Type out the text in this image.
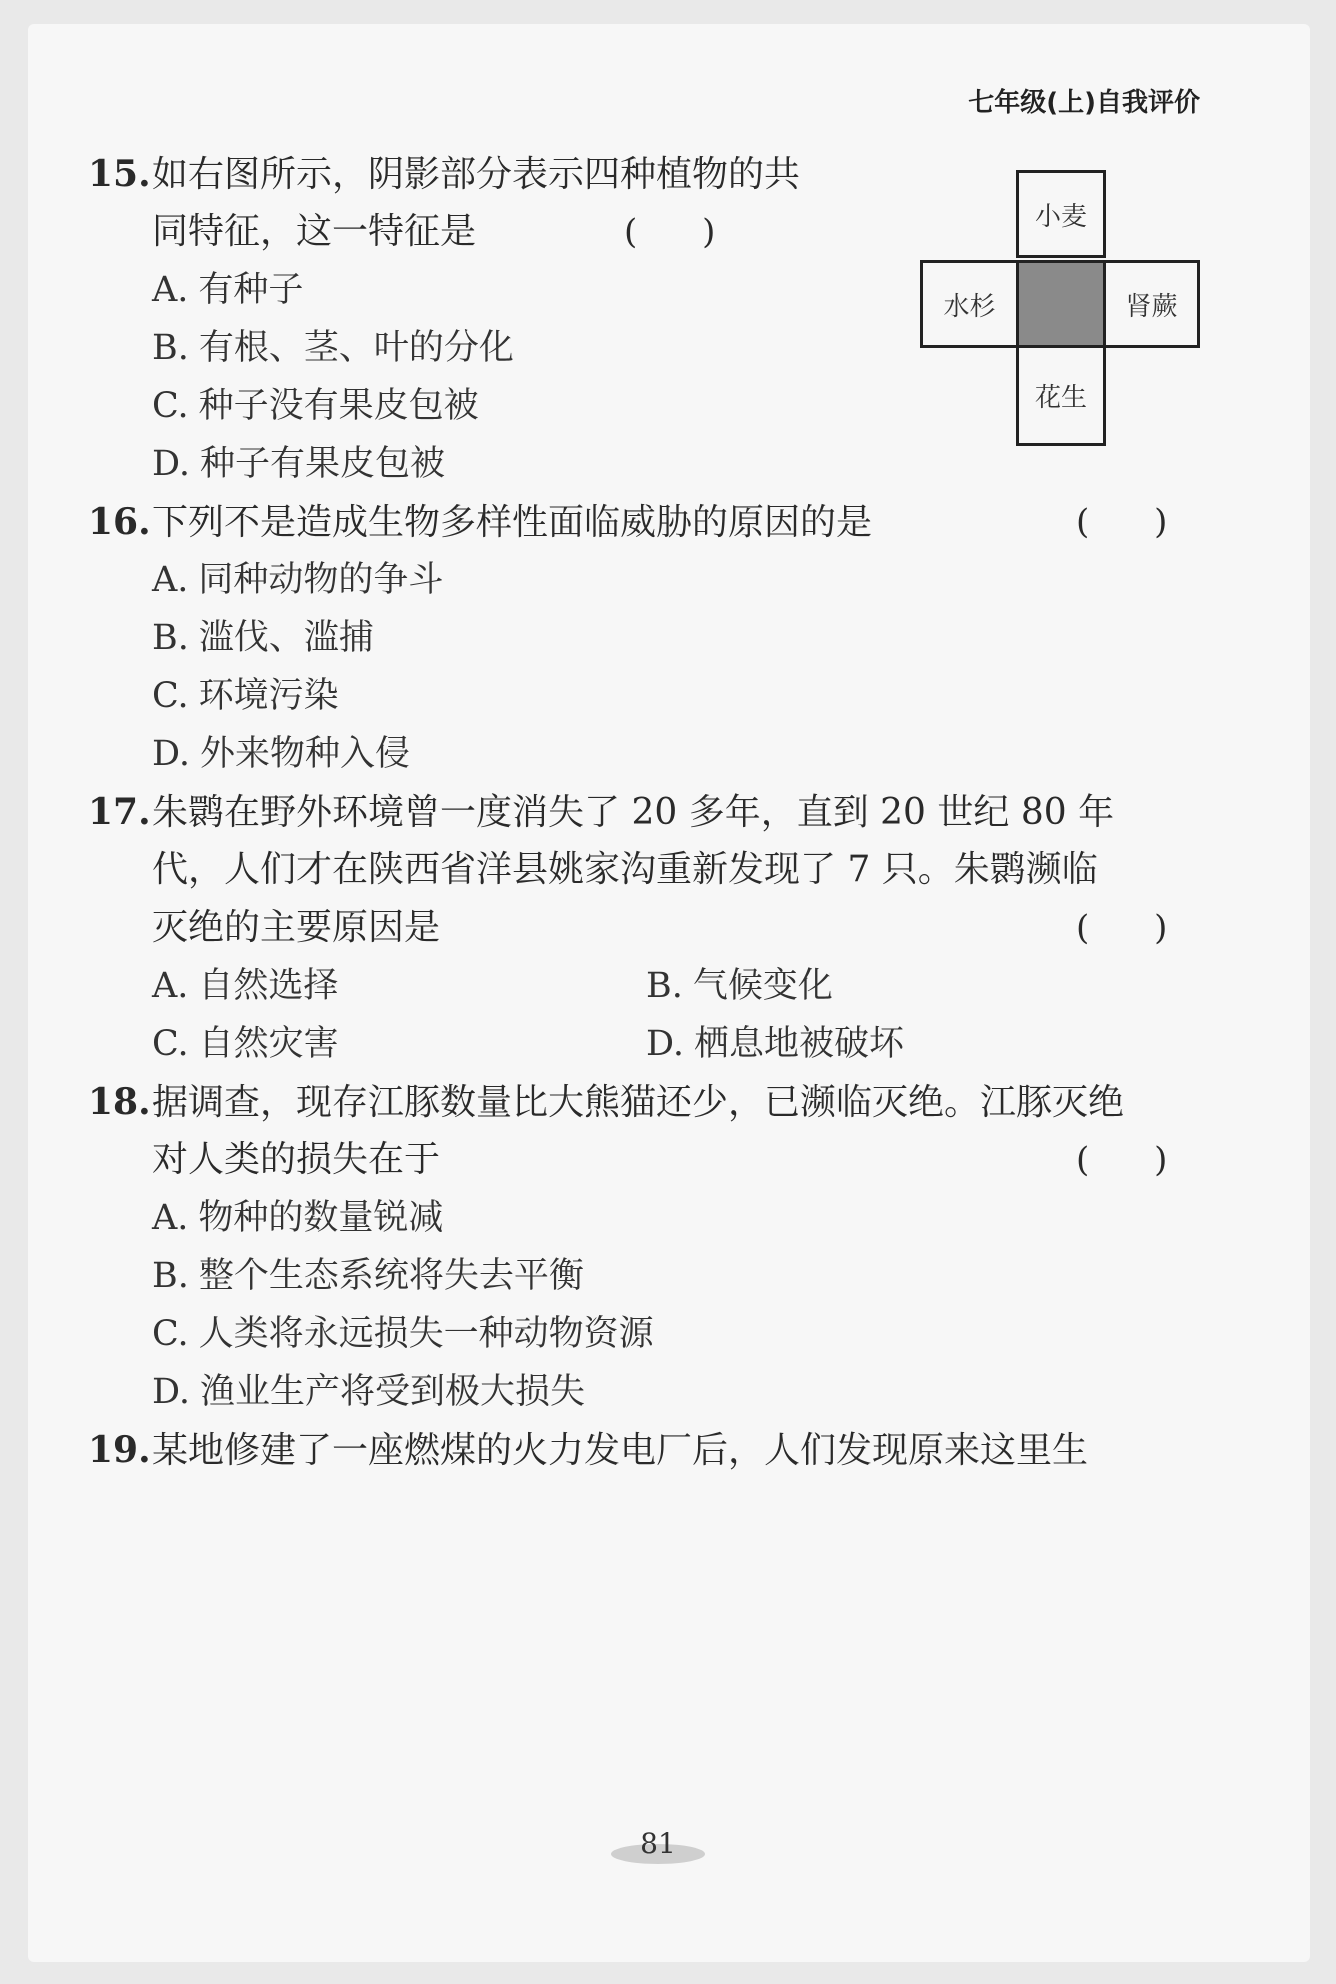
七年级(上)自我评价
15.如右图所示，阴影部分表示四种植物的共
同特征，这一特征是	(      )
A. 有种子
B. 有根、茎、叶的分化
C. 种子没有果皮包被
D. 种子有果皮包被
小麦
水杉	肾蕨
花生
16.下列不是造成生物多样性面临威胁的原因的是	(      )
A. 同种动物的争斗
B. 滥伐、滥捕
C. 环境污染
D. 外来物种入侵
17.朱鹮在野外环境曾一度消失了 20 多年，直到 20 世纪 80 年
代，人们才在陕西省洋县姚家沟重新发现了 7 只。朱鹮濒临
灭绝的主要原因是	(      )
A. 自然选择	B. 气候变化
C. 自然灾害	D. 栖息地被破坏
18.据调查，现存江豚数量比大熊猫还少，已濒临灭绝。江豚灭绝
对人类的损失在于	(      )
A. 物种的数量锐减
B. 整个生态系统将失去平衡
C. 人类将永远损失一种动物资源
D. 渔业生产将受到极大损失
19.某地修建了一座燃煤的火力发电厂后，人们发现原来这里生
81
